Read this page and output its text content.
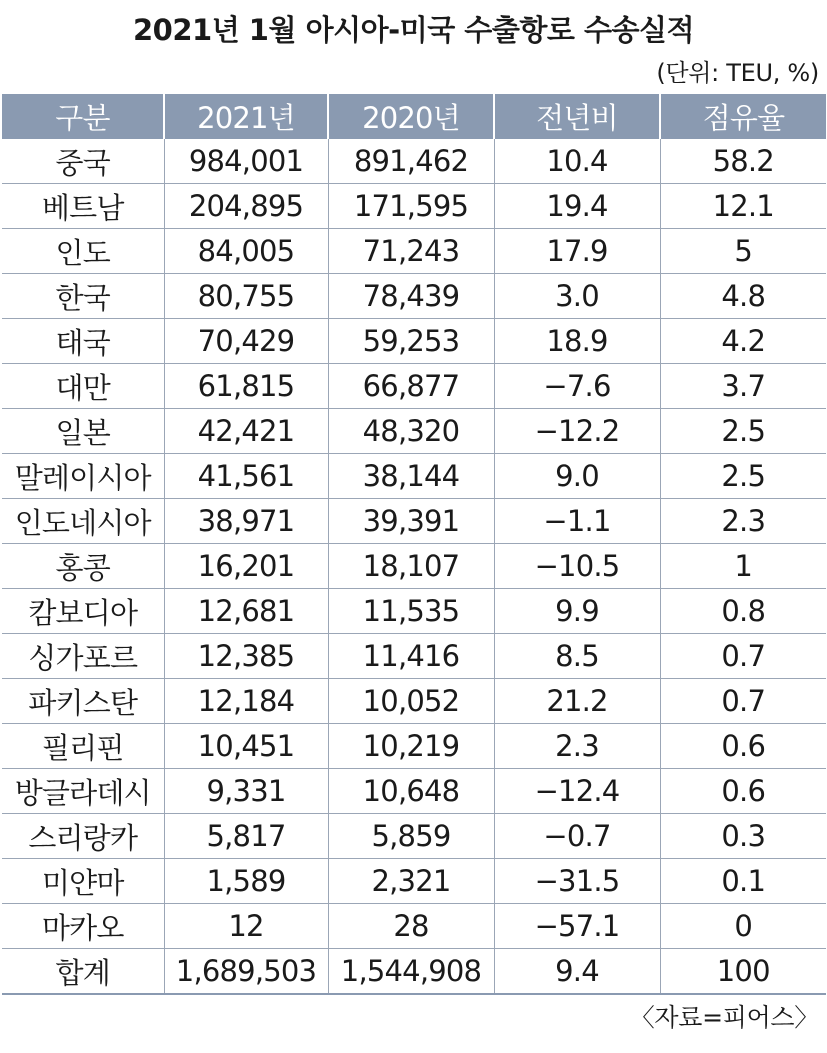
2021년 1월 아시아-미국 수출항로 수송실적
(단위: TEU, %)
구분	2021년	2020년	전년비	점유율
중국	984,001	891,462	10.4	58.2
베트남	204,895	171,595	19.4	12.1
인도	84,005	71,243	17.9	5
한국	80,755	78,439	3.0	4.8
태국	70,429	59,253	18.9	4.2
대만	61,815	66,877	−7.6	3.7
일본	42,421	48,320	−12.2	2.5
말레이시아	41,561	38,144	9.0	2.5
인도네시아	38,971	39,391	−1.1	2.3
홍콩	16,201	18,107	−10.5	1
캄보디아	12,681	11,535	9.9	0.8
싱가포르	12,385	11,416	8.5	0.7
파키스탄	12,184	10,052	21.2	0.7
필리핀	10,451	10,219	2.3	0.6
방글라데시	9,331	10,648	−12.4	0.6
스리랑카	5,817	5,859	−0.7	0.3
미얀마	1,589	2,321	−31.5	0.1
마카오	12	28	−57.1	0
합계	1,689,503	1,544,908	9.4	100
〈자료=피어스〉
